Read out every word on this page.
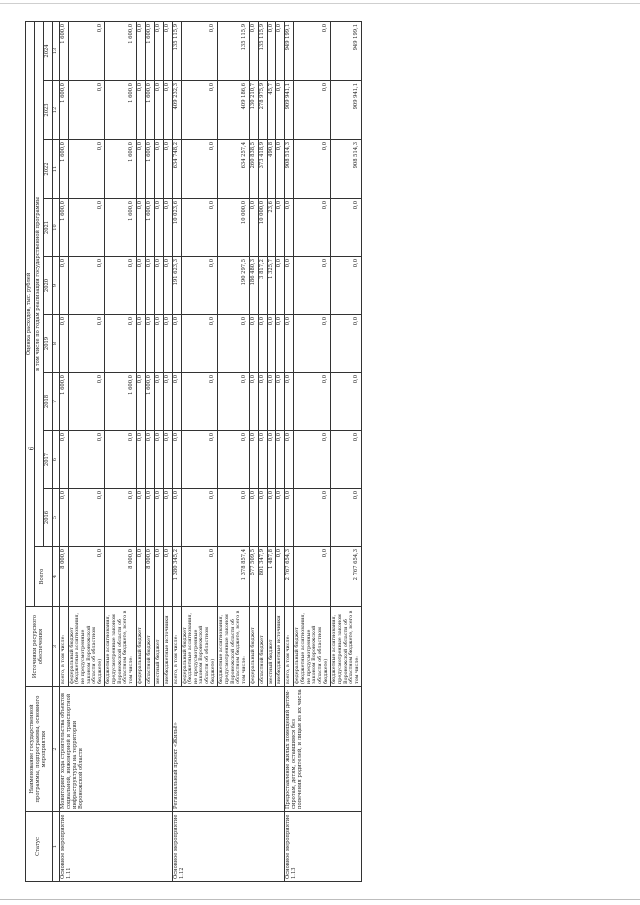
6
Статус	Наименование государственной программы, подпрограммы, основного мероприятия	Источники ресурсного обеспечения	Оценка расходов, тыс. рублей									
			Всего	в том числе по годам реализации государственной программы								
				2016	2017	2018	2019	2020	2021	2022	2023	2024
1	2	3	4	5	6	7	8	9	10	11	12	13
Основное мероприятие 1.11	Мониторинг хода строительства объектов социальной, инженерной и транспортной инфраструктуры на территории Воронежской области	всего, в том числе:	8 000,0	0,0	0,0	1 600,0	0,0	0,0	1 600,0	1 600,0	1 600,0	1 600,0
		федеральный бюджет (бюджетные ассигнования, не предусмотренные законом Воронежской области об областном бюджете)	0,0	0,0	0,0	0,0	0,0	0,0	0,0	0,0	0,0	0,0
		бюджетные ассигнования, предусмотренные законом Воронежской области об областном бюджете, всего в том числе:	8 000,0	0,0	0,0	1 600,0	0,0	0,0	1 600,0	1 600,0	1 600,0	1 600,0
		федеральный бюджет	0,0	0,0	0,0	0,0	0,0	0,0	0,0	0,0	0,0	0,0
		областной бюджет	8 000,0	0,0	0,0	1 600,0	0,0	0,0	1 600,0	1 600,0	1 600,0	1 600,0
		местный бюджет	0,0	0,0	0,0	0,0	0,0	0,0	0,0	0,0	0,0	0,0
		внебюджетные источники	0,0	0,0	0,0	0,0	0,0	0,0	0,0	0,0	0,0	0,0
Основное мероприятие 1.12	Региональный проект «Жильё»	всего, в том числе:	1 380 345,2	0,0	0,0	0,0	0,0	191 623,3	10 023,6	634 748,2	409 232,3	135 115,9
		федеральный бюджет (бюджетные ассигнования, не предусмотренные законом Воронежской области об областном бюджете)	0,0	0,0	0,0	0,0	0,0	0,0	0,0	0,0	0,0	0,0
		бюджетные ассигнования, предусмотренные законом Воронежской области об областном бюджете, всего в том числе:	1 378 857,4	0,0	0,0	0,0	0,0	190 297,5	10 000,0	634 257,4	409 186,6	135 115,9
		федеральный бюджет	577 509,5	0,0	0,0	0,0	0,0	186 480,3	0,0	260 838,5	130 210,7	0,0
		областной бюджет	801 347,9	0,0	0,0	0,0	0,0	3 817,2	10 000,0	373 418,9	278 975,9	135 115,9
		местный бюджет	1 487,8	0,0	0,0	0,0	0,0	1 325,7	23,6	490,8	45,7	0,0
		внебюджетные источники	0,0	0,0	0,0	0,0	0,0	0,0	0,0	0,0	0,0	0,0
Основное мероприятие 1.13	Предоставление жилых помещений детям-сиротам, детям, оставшимся без попечения родителей, и лицам из их числа	всего, в том числе:	2 767 654,3	0,0	0,0	0,0	0,0	0,0	0,0	908 514,3	909 941,1	949 199,1
		федеральный бюджет (бюджетные ассигнования, не предусмотренные законом Воронежской области об областном бюджете)	0,0	0,0	0,0	0,0	0,0	0,0	0,0	0,0	0,0	0,0
		бюджетные ассигнования, предусмотренные законом Воронежской области об областном бюджете, всего в том числе:	2 767 654,3	0,0	0,0	0,0	0,0	0,0	0,0	908 514,3	909 941,1	949 199,1
